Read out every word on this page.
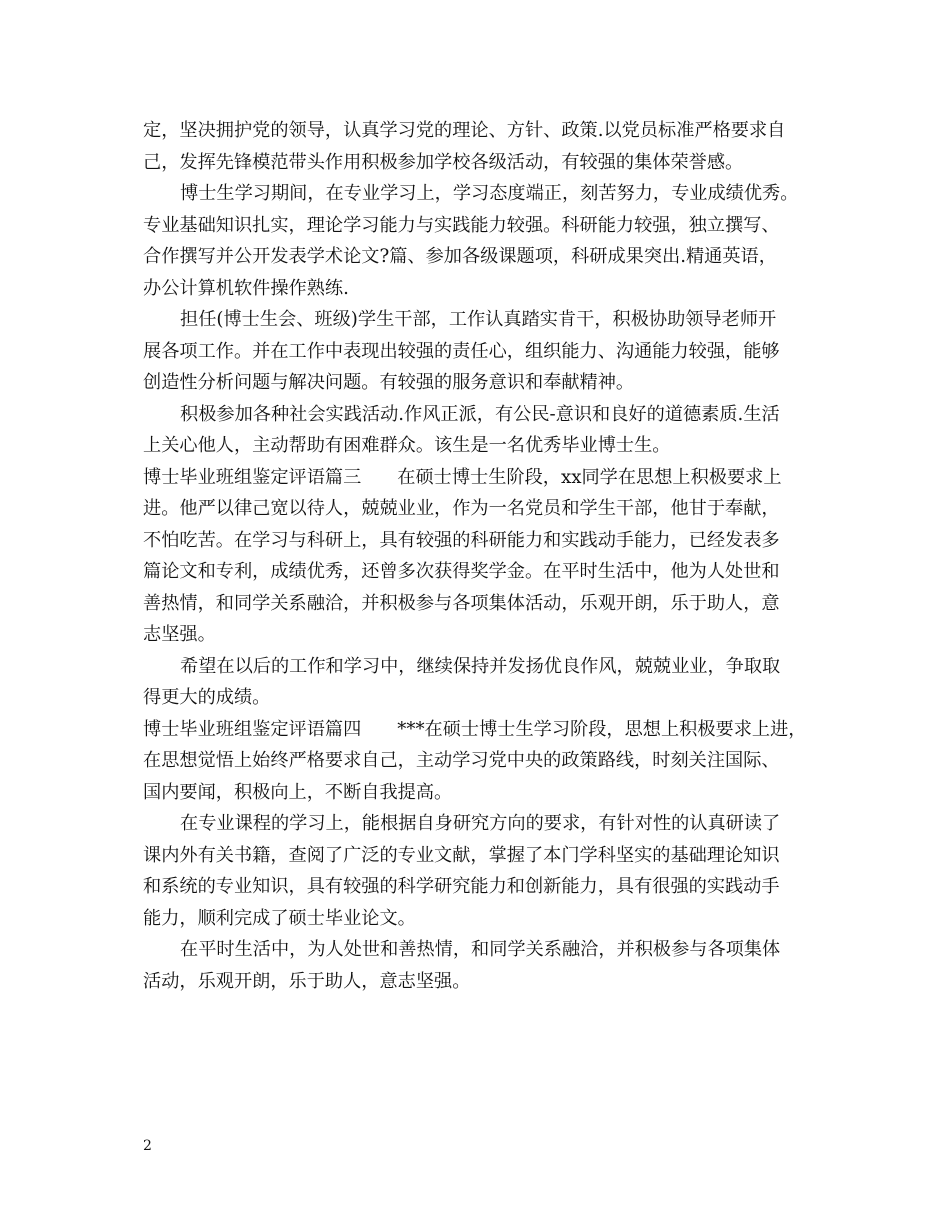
定，坚决拥护党的领导，认真学习党的理论、方针、政策.以党员标准严格要求自
己，发挥先锋模范带头作用积极参加学校各级活动，有较强的集体荣誉感。
博士生学习期间，在专业学习上，学习态度端正，刻苦努力，专业成绩优秀。
专业基础知识扎实，理论学习能力与实践能力较强。科研能力较强，独立撰写、
合作撰写并公开发表学术论文?篇、参加各级课题项，科研成果突出.精通英语，
办公计算机软件操作熟练.
担任(博士生会、班级)学生干部，工作认真踏实肯干，积极协助领导老师开
展各项工作。并在工作中表现出较强的责任心，组织能力、沟通能力较强，能够
创造性分析问题与解决问题。有较强的服务意识和奉献精神。
积极参加各种社会实践活动.作风正派，有公民-意识和良好的道德素质.生活
上关心他人，主动帮助有困难群众。该生是一名优秀毕业博士生。
博士毕业班组鉴定评语篇三 在硕士博士生阶段，xx同学在思想上积极要求上
进。他严以律己宽以待人，兢兢业业，作为一名党员和学生干部，他甘于奉献，
不怕吃苦。在学习与科研上，具有较强的科研能力和实践动手能力，已经发表多
篇论文和专利，成绩优秀，还曾多次获得奖学金。在平时生活中，他为人处世和
善热情，和同学关系融洽，并积极参与各项集体活动，乐观开朗，乐于助人，意
志坚强。
希望在以后的工作和学习中，继续保持并发扬优良作风，兢兢业业，争取取
得更大的成绩。
博士毕业班组鉴定评语篇四 ***在硕士博士生学习阶段，思想上积极要求上进，
在思想觉悟上始终严格要求自己，主动学习党中央的政策路线，时刻关注国际、
国内要闻，积极向上，不断自我提高。
在专业课程的学习上，能根据自身研究方向的要求，有针对性的认真研读了
课内外有关书籍，查阅了广泛的专业文献，掌握了本门学科坚实的基础理论知识
和系统的专业知识，具有较强的科学研究能力和创新能力，具有很强的实践动手
能力，顺利完成了硕士毕业论文。
在平时生活中，为人处世和善热情，和同学关系融洽，并积极参与各项集体
活动，乐观开朗，乐于助人，意志坚强。
2
